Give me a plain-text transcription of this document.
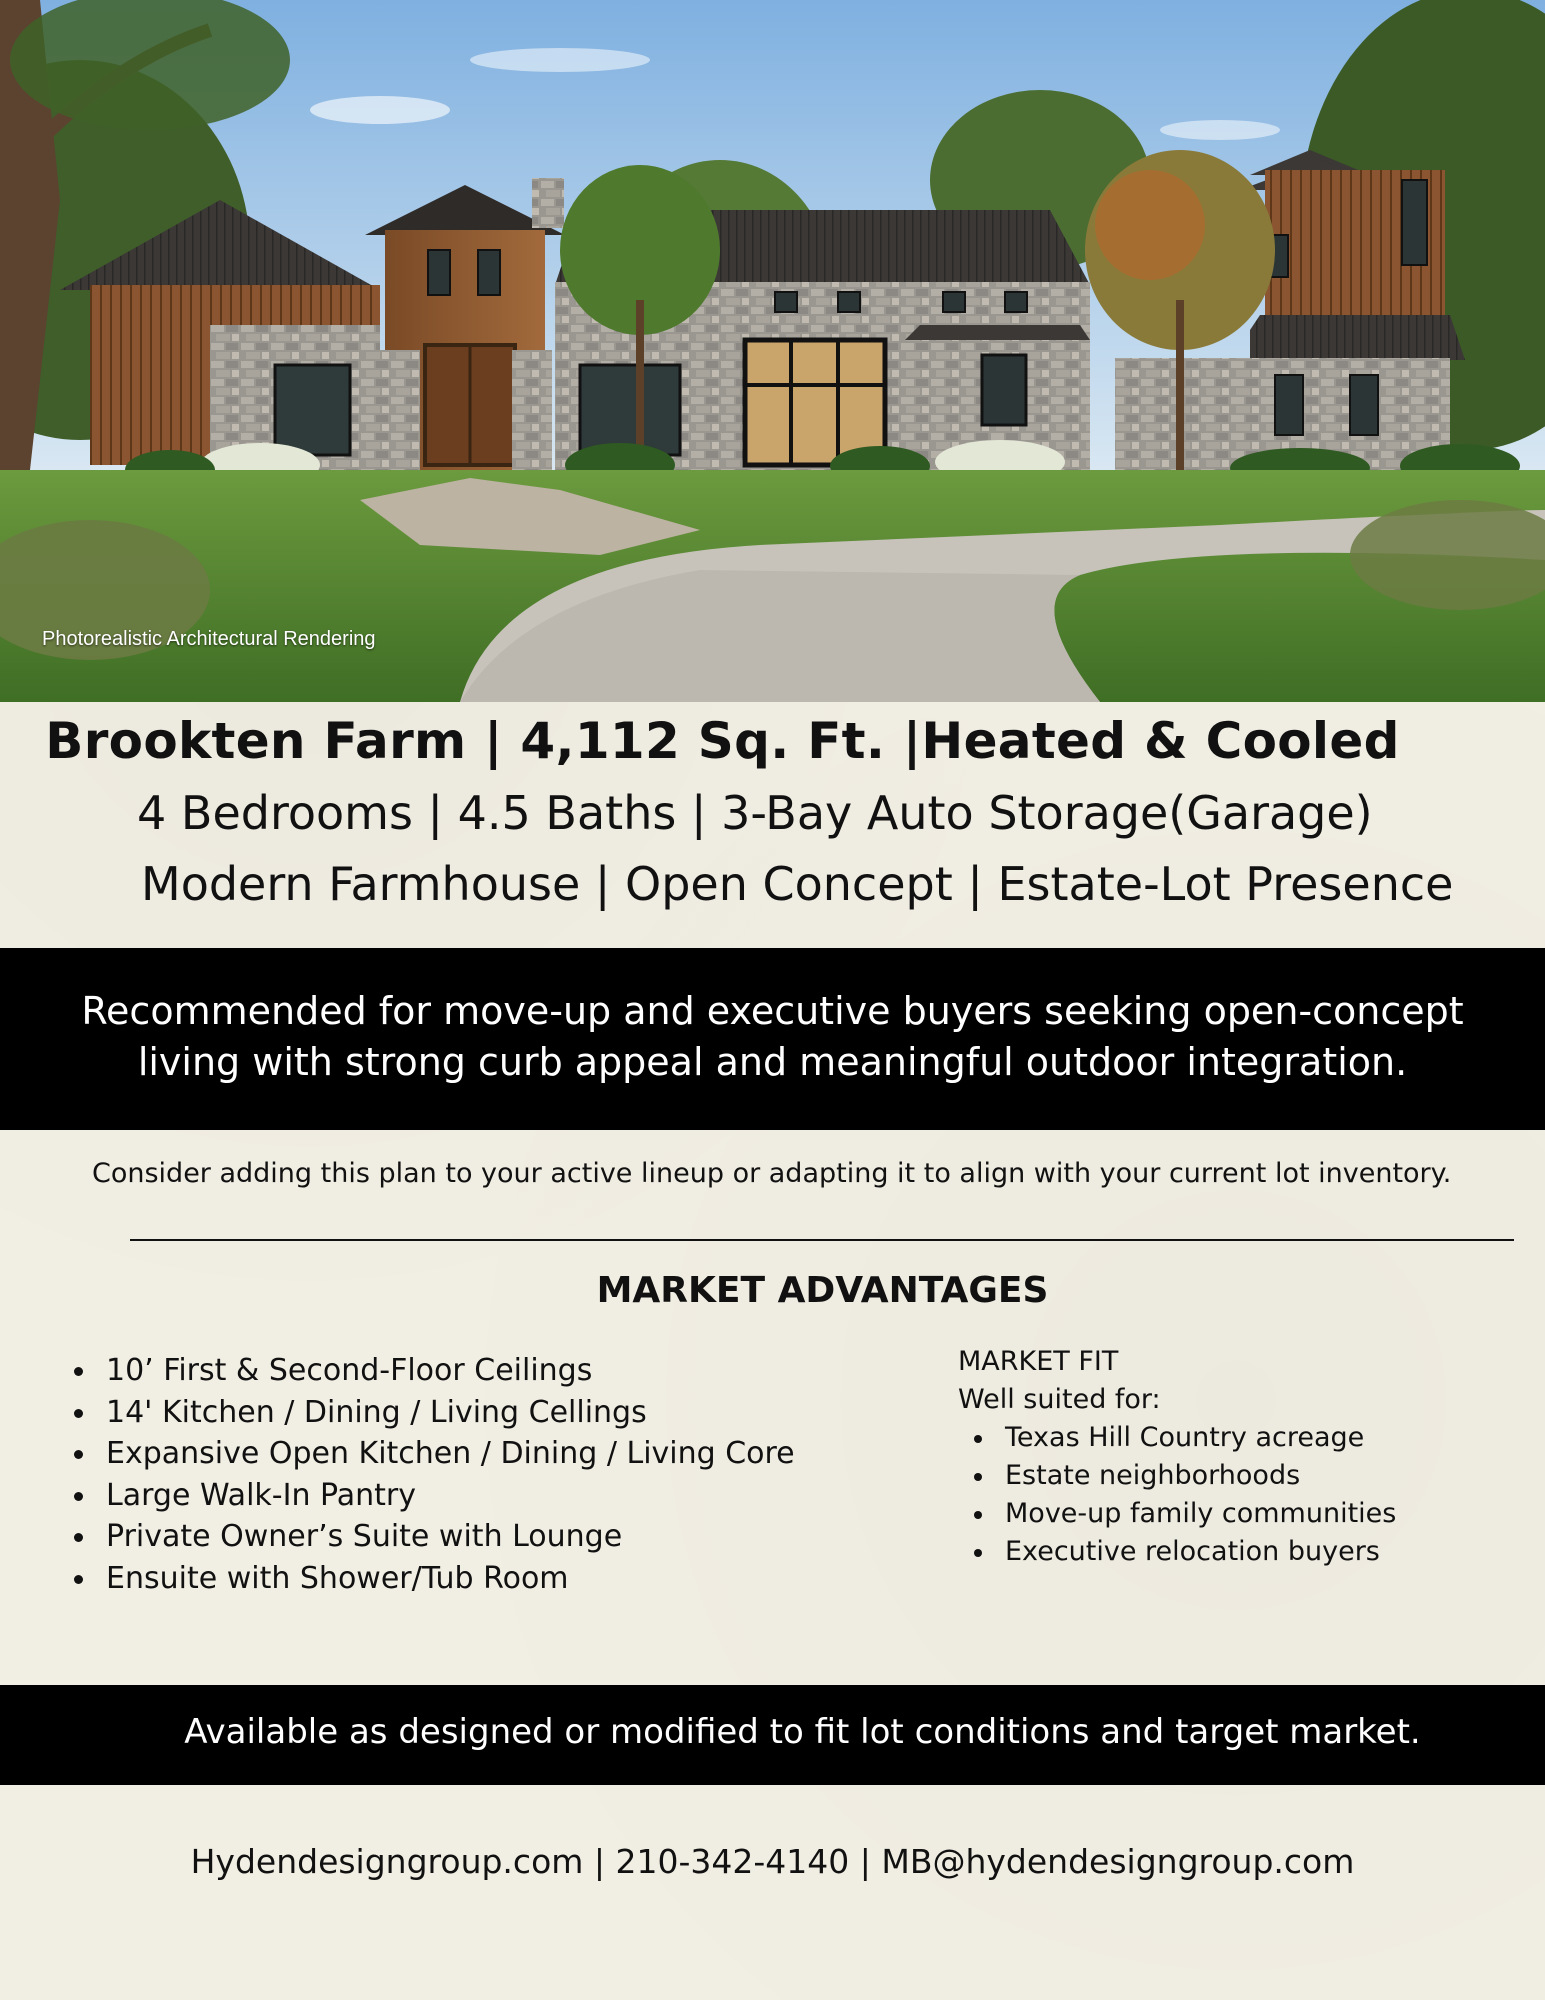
Photorealistic Architectural Rendering
Brookten Farm | 4,112 Sq. Ft. |Heated & Cooled
4 Bedrooms | 4.5 Baths | 3-Bay Auto Storage(Garage)
Modern Farmhouse | Open Concept | Estate-Lot Presence

Recommended for move-up and executive buyers seeking open-concept
living with strong curb appeal and meaningful outdoor integration.

Consider adding this plan to your active lineup or adapting it to align with your current lot inventory.
MARKET ADVANTAGES
10’ First & Second-Floor Ceilings
14' Kitchen / Dining / Living Cellings
Expansive Open Kitchen / Dining / Living Core
Large Walk-In Pantry
Private Owner’s Suite with Lounge
Ensuite with Shower/Tub Room
MARKET FIT
Well suited for:
Texas Hill Country acreage
Estate neighborhoods
Move-up family communities
Executive relocation buyers

Available as designed or modified to fit lot conditions and target market.

Hydendesigngroup.com | 210-342-4140 | MB@hydendesigngroup.com
